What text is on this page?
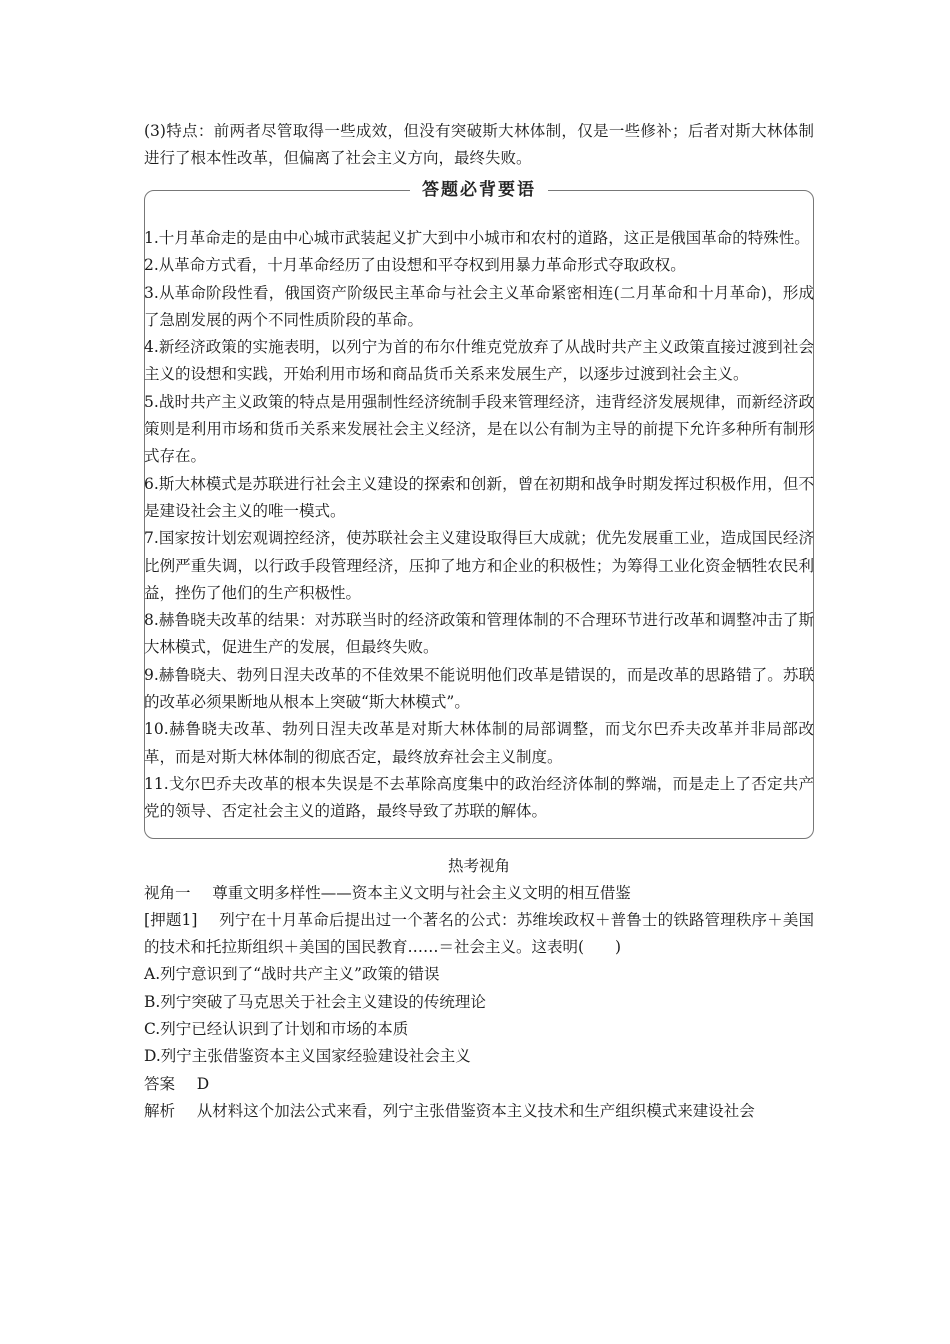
(3)特点：前两者尽管取得一些成效，但没有突破斯大林体制，仅是一些修补；后者对斯大林体制进行了根本性改革，但偏离了社会主义方向，最终失败。

答题必背要语

1.十月革命走的是由中心城市武装起义扩大到中小城市和农村的道路，这正是俄国革命的特殊性。

2.从革命方式看，十月革命经历了由设想和平夺权到用暴力革命形式夺取政权。

3.从革命阶段性看，俄国资产阶级民主革命与社会主义革命紧密相连(二月革命和十月革命)，形成了急剧发展的两个不同性质阶段的革命。

4.新经济政策的实施表明，以列宁为首的布尔什维克党放弃了从战时共产主义政策直接过渡到社会主义的设想和实践，开始利用市场和商品货币关系来发展生产，以逐步过渡到社会主义。

5.战时共产主义政策的特点是用强制性经济统制手段来管理经济，违背经济发展规律，而新经济政策则是利用市场和货币关系来发展社会主义经济，是在以公有制为主导的前提下允许多种所有制形式存在。

6.斯大林模式是苏联进行社会主义建设的探索和创新，曾在初期和战争时期发挥过积极作用，但不是建设社会主义的唯一模式。

7.国家按计划宏观调控经济，使苏联社会主义建设取得巨大成就；优先发展重工业，造成国民经济比例严重失调，以行政手段管理经济，压抑了地方和企业的积极性；为筹得工业化资金牺牲农民利益，挫伤了他们的生产积极性。

8.赫鲁晓夫改革的结果：对苏联当时的经济政策和管理体制的不合理环节进行改革和调整冲击了斯大林模式，促进生产的发展，但最终失败。

9.赫鲁晓夫、勃列日涅夫改革的不佳效果不能说明他们改革是错误的，而是改革的思路错了。苏联的改革必须果断地从根本上突破“斯大林模式”。

10.赫鲁晓夫改革、勃列日涅夫改革是对斯大林体制的局部调整，而戈尔巴乔夫改革并非局部改革，而是对斯大林体制的彻底否定，最终放弃社会主义制度。

11.戈尔巴乔夫改革的根本失误是不去革除高度集中的政治经济体制的弊端，而是走上了否定共产党的领导、否定社会主义的道路，最终导致了苏联的解体。

热考视角

视角一 尊重文明多样性——资本主义文明与社会主义文明的相互借鉴

[押题1] 列宁在十月革命后提出过一个著名的公式：苏维埃政权＋普鲁士的铁路管理秩序＋美国的技术和托拉斯组织＋美国的国民教育……＝社会主义。这表明(　　)

A.列宁意识到了“战时共产主义”政策的错误

B.列宁突破了马克思关于社会主义建设的传统理论

C.列宁已经认识到了计划和市场的本质

D.列宁主张借鉴资本主义国家经验建设社会主义

答案 D

解析 从材料这个加法公式来看，列宁主张借鉴资本主义技术和生产组织模式来建设社会
